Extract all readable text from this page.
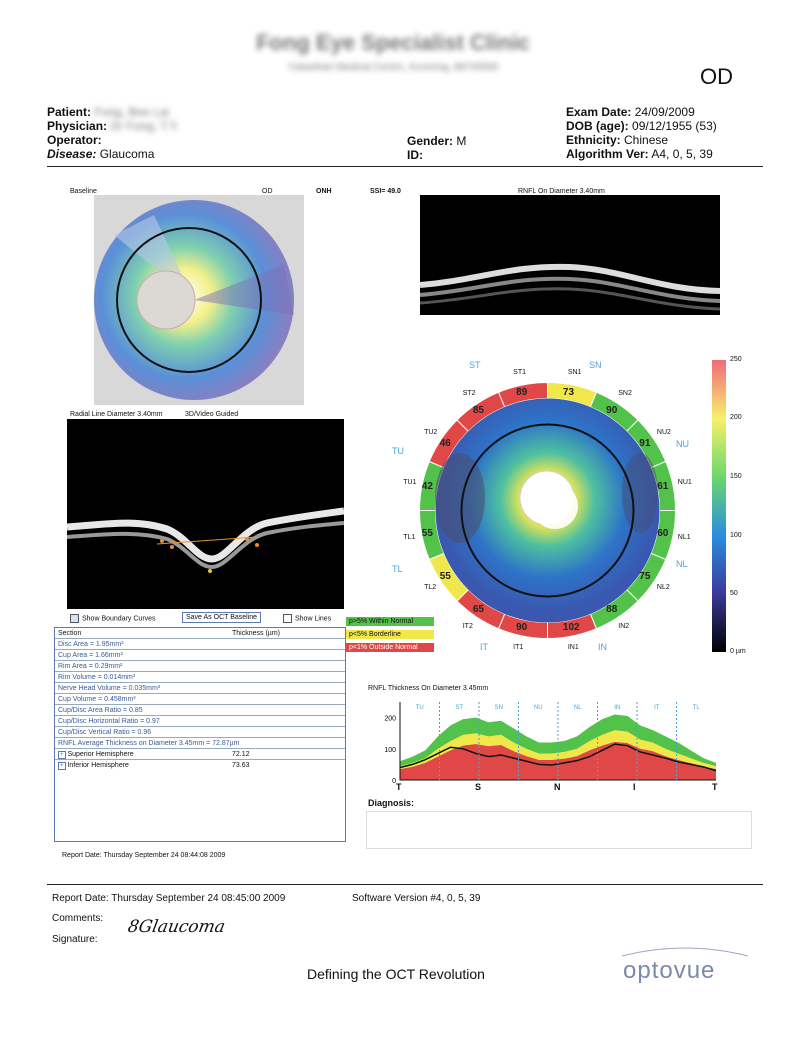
Fong Eye Specialist Clinic
Yukasihari Medical Centre, Kunming, 88745555	OD
Patient: Fong, Bee Lai
Physician: Dr Fong, T.Y.
Operator:
Disease: Glaucoma
Gender: M
ID:
Exam Date: 24/09/2009
DOB (age): 09/12/1955 (53)
Ethnicity: Chinese
Algorithm Ver: A4, 0, 5, 39
Baseline	OD	ONH	SSI= 49.0	RNFL On Diameter 3.40mm
Radial Line Diameter 3.40mm	3D/Video Guided
Show Boundary Curves	Save As OCT Baseline	Show Lines
Section	Thickness (µm)
Disc Area = 1.95mm²	
Cup Area = 1.66mm²	
Rim Area = 0.29mm²	
Rim Volume = 0.014mm³	
Nerve Head Volume = 0.035mm³	
Cup Volume = 0.458mm³	
Cup/Disc Area Ratio = 0.85	
Cup/Disc Horizontal Ratio = 0.97	
Cup/Disc Vertical Ratio = 0.96	
RNFL Average Thickness on Diameter 3.45mm = 72.87µm	
+ Superior Hemisphere	72.12
+ Inferior Hemisphere	73.63
Report Date: Thursday September 24 08:44:08 2009
89
ST1
73
SN1
90
SN2
91
NU2
61 NU1
60 NL1
75
NL2
88
IN2
102
IN1
90
IT1
65
IT2
55
TL2
55
TL1
42
TU1
46
TU2
85
ST2
ST	SN
NU
NL
IN
IT
TL
TU
250
200
150
100
50
0 µm
p>5% Within Normal
p<5% Borderline
p<1% Outside Normal
RNFL Thickness On Diameter 3.45mm
TU	ST	SN	NU	NL	IN	IT	TL
0
100
200
Diagnosis:
Report Date: Thursday September 24 08:45:00 2009	Software Version #4, 0, 5, 39
Comments:
Signature:
8Glaucoma
Defining the OCT Revolution	optovue
T	S	N	I	T
